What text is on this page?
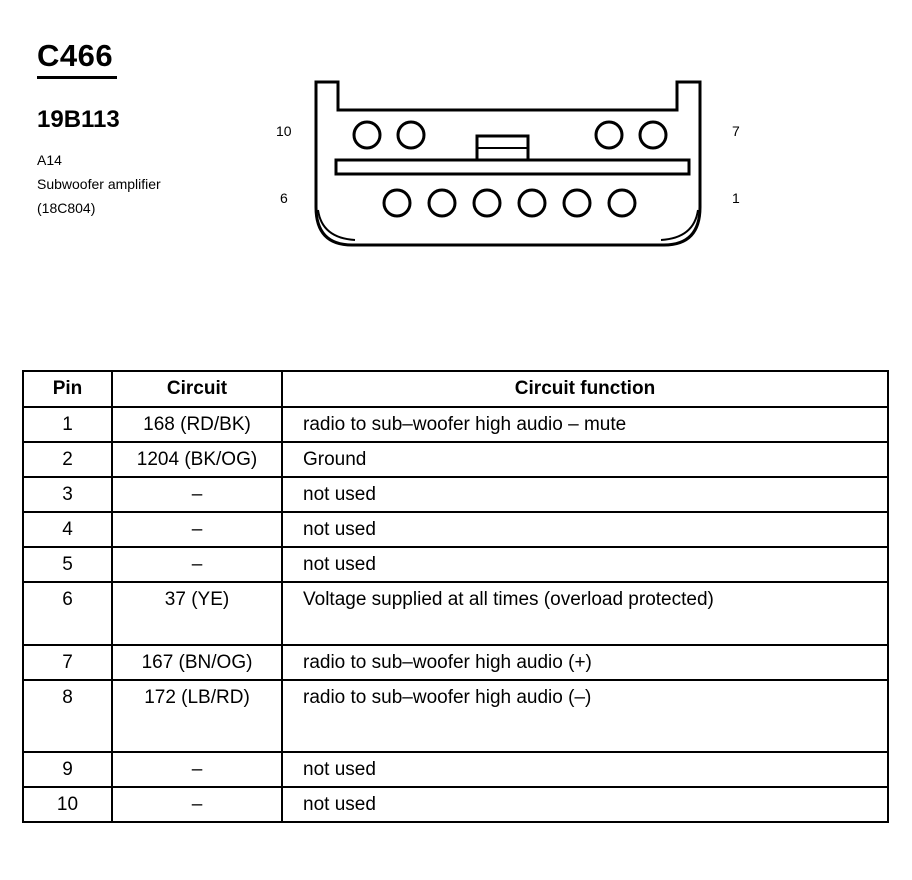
C466
19B113
A14
Subwoofer amplifier
(18C804)
10	7
6	1
Pin	Circuit	Circuit function
1	168 (RD/BK)	radio to sub–woofer high audio – mute
2	1204 (BK/OG)	Ground
3	–	not used
4	–	not used
5	–	not used
6	37 (YE)	Voltage supplied at all times (overload protected)
7	167 (BN/OG)	radio to sub–woofer high audio (+)
8	172 (LB/RD)	radio to sub–woofer high audio (–)
9	–	not used
10	–	not used
